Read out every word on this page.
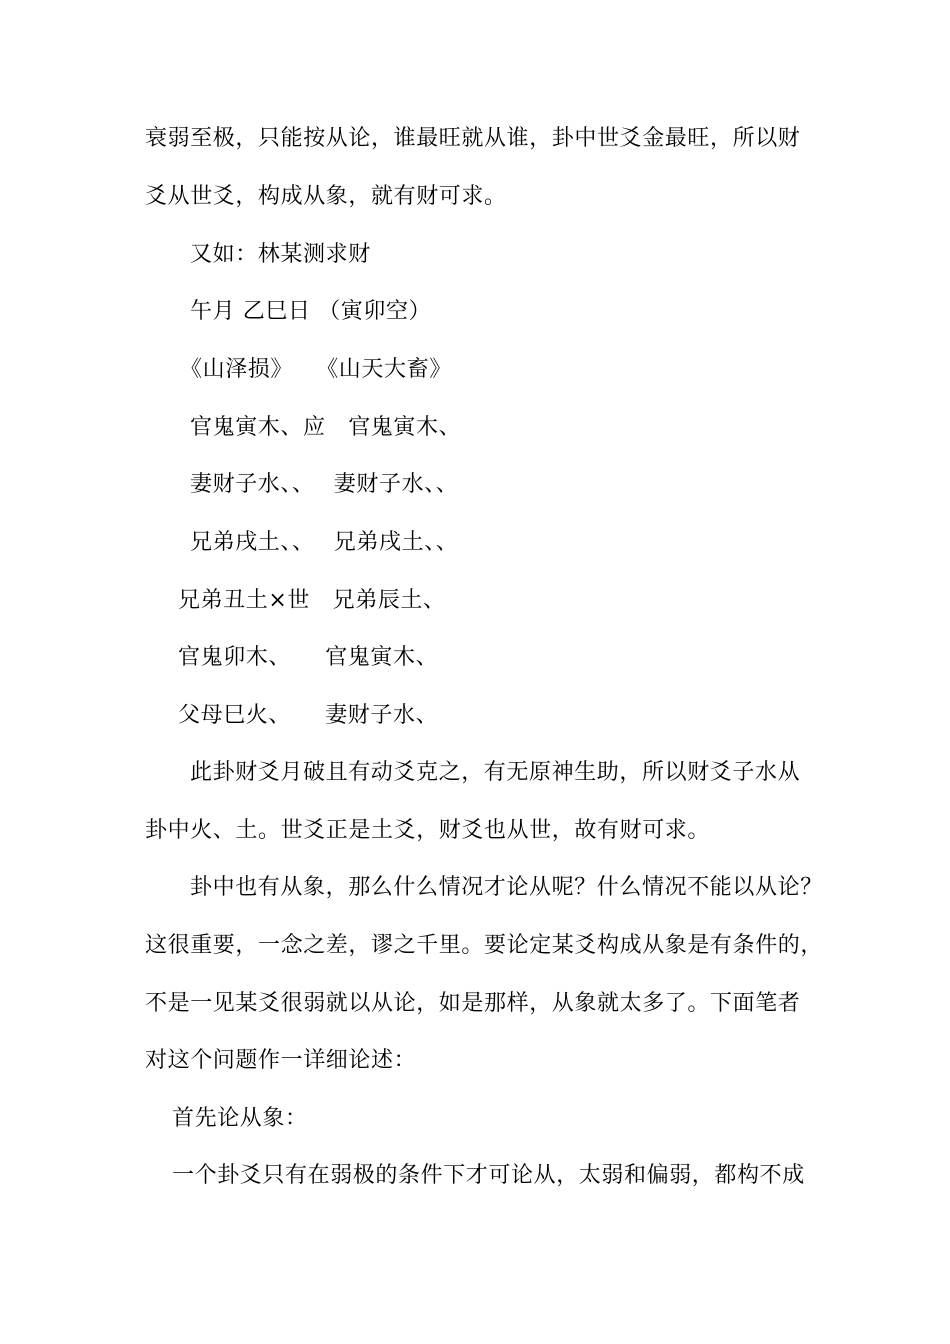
衰弱至极，只能按从论，谁最旺就从谁，卦中世爻金最旺，所以财
爻从世爻，构成从象，就有财可求。
又如：林某测求财
午月 乙巳日 （寅卯空）
《山泽损》　　《山天大畜》
官鬼寅木、应　官鬼寅木、
妻财子水、、　 妻财子水、、
兄弟戌土、、　 兄弟戌土、、
兄弟丑土×世　兄弟辰土、
官鬼卯木、　　官鬼寅木、
父母巳火、　　妻财子水、
此卦财爻月破且有动爻克之，有无原神生助，所以财爻子水从
卦中火、土。世爻正是土爻，财爻也从世，故有财可求。
卦中也有从象，那么什么情况才论从呢？什么情况不能以从论？
这很重要，一念之差，谬之千里。要论定某爻构成从象是有条件的，
不是一见某爻很弱就以从论，如是那样，从象就太多了。下面笔者
对这个问题作一详细论述：
首先论从象：
一个卦爻只有在弱极的条件下才可论从，太弱和偏弱，都构不成
